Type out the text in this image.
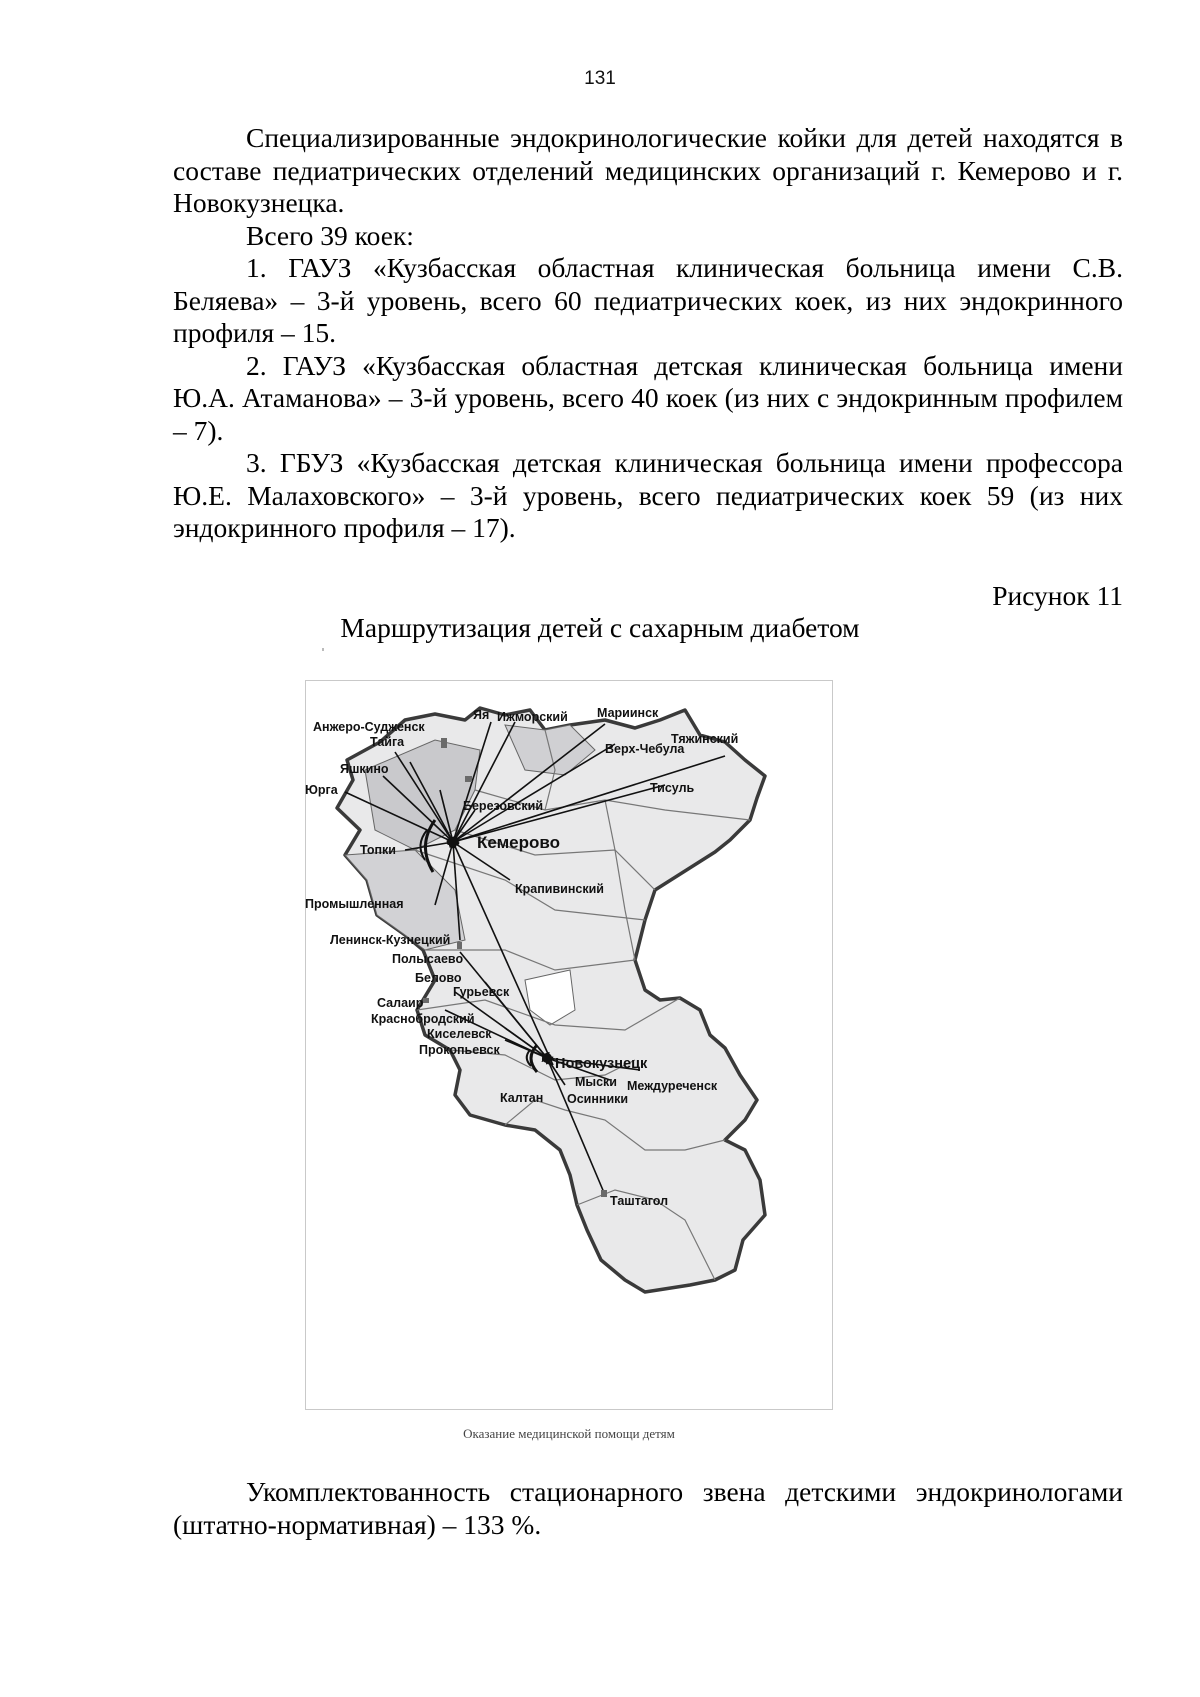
131

Специализированные эндокринологические койки для детей находятся в составе педиатрических отделений медицинских организаций г. Кемерово и г. Новокузнецка.

Всего 39 коек:

1. ГАУЗ «Кузбасская областная клиническая больница имени С.В. Беляева» – 3-й уровень, всего 60 педиатрических коек, из них эндокринного профиля – 15.

2. ГАУЗ «Кузбасская областная детская клиническая больница имени Ю.А. Атаманова» – 3-й уровень, всего 40 коек (из них с эндокринным профилем – 7).

3. ГБУЗ «Кузбасская детская клиническая больница имени профессора Ю.Е. Малаховского» – 3-й уровень, всего педиатрических коек 59 (из них эндокринного профиля – 17).

Рисунок 11
Маршрутизация детей с сахарным диабетом
Анжеро-Судженск
Тайга
Яя Ижморский Мариинск
Тяжинский
Верх-Чебула
Яшкино
Юрга	Тисуль
Березовский
Топки
Крапивинский
Промышленная
Ленинск-Кузнецкий
Полысаево
Белово
Гурьевск
Салаир
Краснобродский
Киселевск
Прокопьевск
Мыски Междуреченск
Калтан Осинники
Таштагол
Кемерово
Новокузнецк
Оказание медицинской помощи детям

Укомплектованность стационарного звена детскими эндокринологами (штатно-нормативная) – 133 %.
